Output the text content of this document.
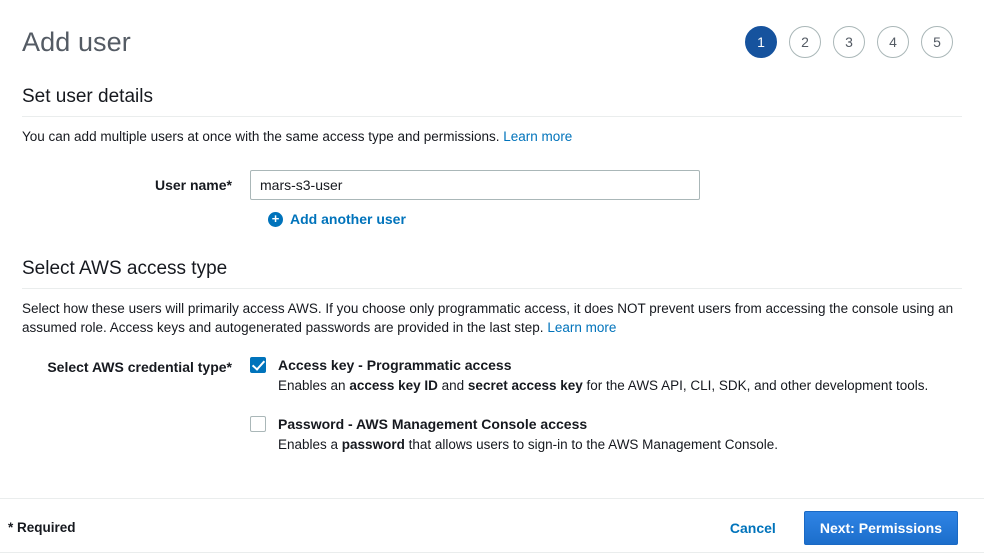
Add user	1	2	3	4	5
Set user details
You can add multiple users at once with the same access type and permissions. Learn more
User name*
mars-s3-user
+ Add another user
Select AWS access type
Select how these users will primarily access AWS. If you choose only programmatic access, it does NOT prevent users from accessing the console using an assumed role. Access keys and autogenerated passwords are provided in the last step. Learn more
Select AWS credential type*	Access key - Programmatic access
Enables an access key ID and secret access key for the AWS API, CLI, SDK, and other development tools.
Password - AWS Management Console access
Enables a password that allows users to sign-in to the AWS Management Console.
* Required	Cancel	Next: Permissions
